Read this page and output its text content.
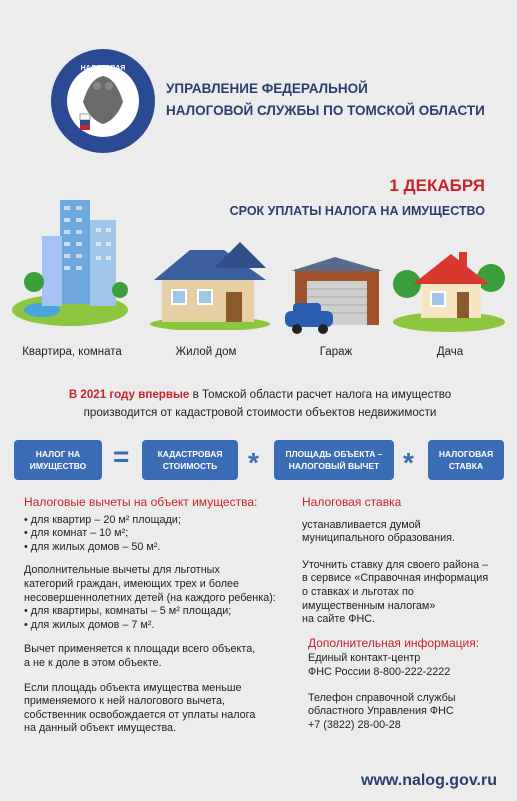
НАЛОГОВАЯ
УПРАВЛЕНИЕ ФЕДЕРАЛЬНОЙ
НАЛОГОВОЙ СЛУЖБЫ ПО ТОМСКОЙ ОБЛАСТИ
1 ДЕКАБРЯ
СРОК УПЛАТЫ НАЛОГА НА ИМУЩЕСТВО
Квартира, комната	Жилой дом	Гараж	Дача
В 2021 году впервые в Томской области расчет налога на имущество
производится от кадастровой стоимости объектов недвижимости
НАЛОГ НА
ИМУЩЕСТВО =	КАДАСТРОВАЯ
СТОИМОСТЬ *	ПЛОЩАДЬ ОБЪЕКТА –
НАЛОГОВЫЙ ВЫЧЕТ *	НАЛОГОВАЯ
СТАВКА

Налоговые вычеты на объект имущества:

• для квартир – 20 м² площади;

• для комнат – 10 м²;

• для жилых домов – 50 м².

Дополнительные вычеты для льготных

категорий граждан, имеющих трех и более

несовершеннолетних детей (на каждого ребенка):

• для квартиры, комнаты – 5 м² площади;

• для жилых домов – 7 м².

Вычет применяется к площади всего объекта,

а не к доле в этом объекте.

Если площадь объекта имущества меньше

применяемого к ней налогового вычета,

собственник освобождается от уплаты налога

на данный объект имущества.

Налоговая ставка

устанавливается думой

муниципального образования.

Уточнить ставку для своего района –

в сервисе «Справочная информация

о ставках и льготах по

имущественным налогам»

на сайте ФНС.

Дополнительная информация:

Единый контакт-центр

ФНС России 8-800-222-2222

Телефон справочной службы

областного Управления ФНС

+7 (3822) 28-00-28

www.nalog.gov.ru
